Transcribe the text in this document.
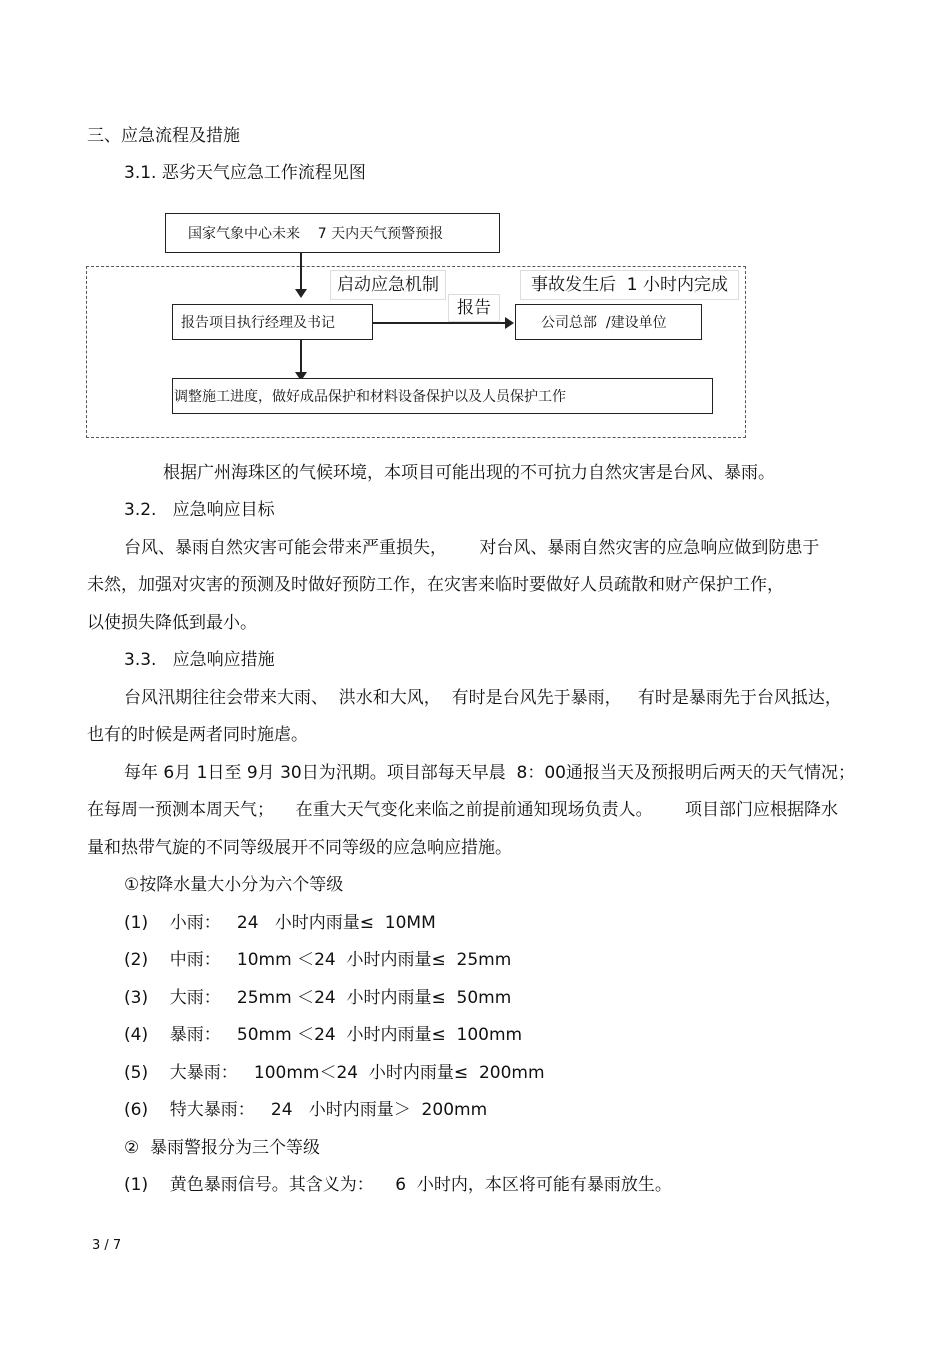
三、应急流程及措施
3.1. 恶劣天气应急工作流程见图
国家气象中心未来    7 天内天气预警预报
启动应急机制	事故发生后  1 小时内完成
报告项目执行经理及书记
报告
公司总部  /建设单位
调整施工进度，做好成品保护和材料设备保护以及人员保护工作
根据广州海珠区的气候环境，本项目可能出现的不可抗力自然灾害是台风、暴雨。
3.2.   应急响应目标
台风、暴雨自然灾害可能会带来严重损失，      对台风、暴雨自然灾害的应急响应做到防患于
未然，加强对灾害的预测及时做好预防工作，在灾害来临时要做好人员疏散和财产保护工作，
以使损失降低到最小。
3.3.   应急响应措施
台风汛期往往会带来大雨、  洪水和大风，  有时是台风先于暴雨，   有时是暴雨先于台风抵达，
也有的时候是两者同时施虐。
每年 6月 1日至 9月 30日为汛期。项目部每天早晨  8：00通报当天及预报明后两天的天气情况；
在每周一预测本周天气；    在重大天气变化来临之前提前通知现场负责人。      项目部门应根据降水
量和热带气旋的不同等级展开不同等级的应急响应措施。
①按降水量大小分为六个等级
(1)    小雨：   24   小时内雨量≤  10MM
(2)    中雨：   10mm ＜24  小时内雨量≤  25mm
(3)    大雨：   25mm ＜24  小时内雨量≤  50mm
(4)    暴雨：   50mm ＜24  小时内雨量≤  100mm
(5)    大暴雨：   100mm＜24  小时内雨量≤  200mm
(6)    特大暴雨：   24   小时内雨量＞  200mm
②  暴雨警报分为三个等级
(1)    黄色暴雨信号。其含义为：    6  小时内，本区将可能有暴雨放生。
3 / 7
